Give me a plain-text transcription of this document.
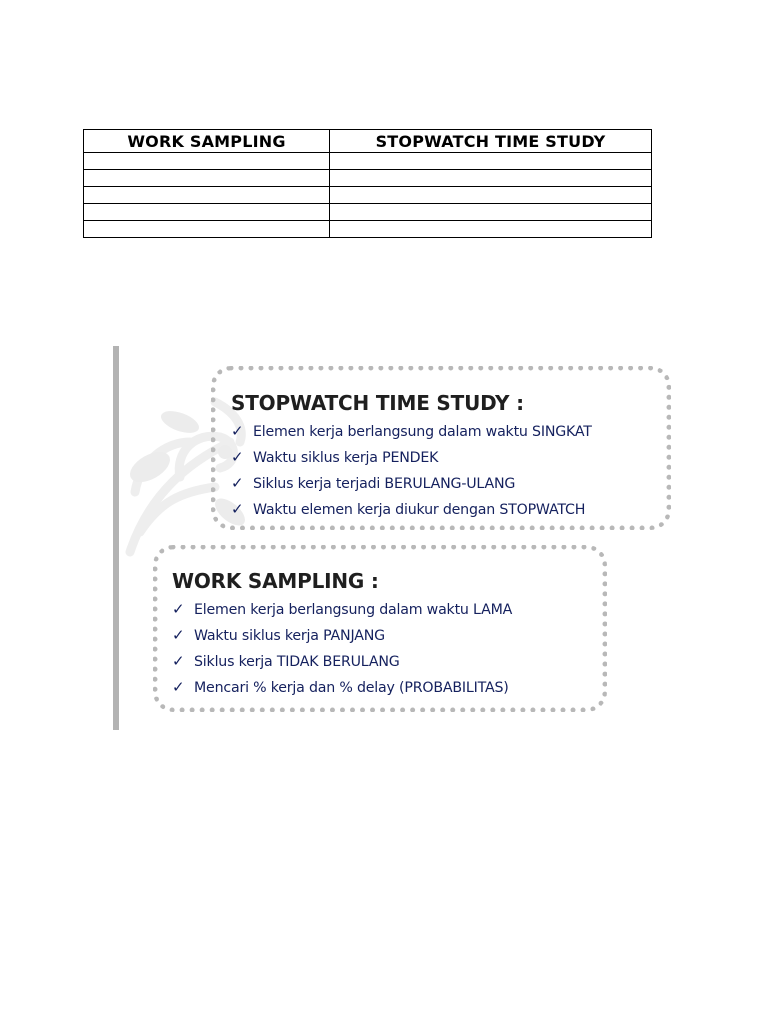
WORK SAMPLING	STOPWATCH TIME STUDY

STOPWATCH TIME STUDY :
✓ Elemen kerja berlangsung dalam waktu SINGKAT
✓ Waktu siklus kerja PENDEK
✓ Siklus kerja terjadi BERULANG-ULANG
✓ Waktu elemen kerja diukur dengan STOPWATCH
WORK SAMPLING :
✓ Elemen kerja berlangsung dalam waktu LAMA
✓ Waktu siklus kerja PANJANG
✓ Siklus kerja TIDAK BERULANG
✓ Mencari % kerja dan % delay (PROBABILITAS)
